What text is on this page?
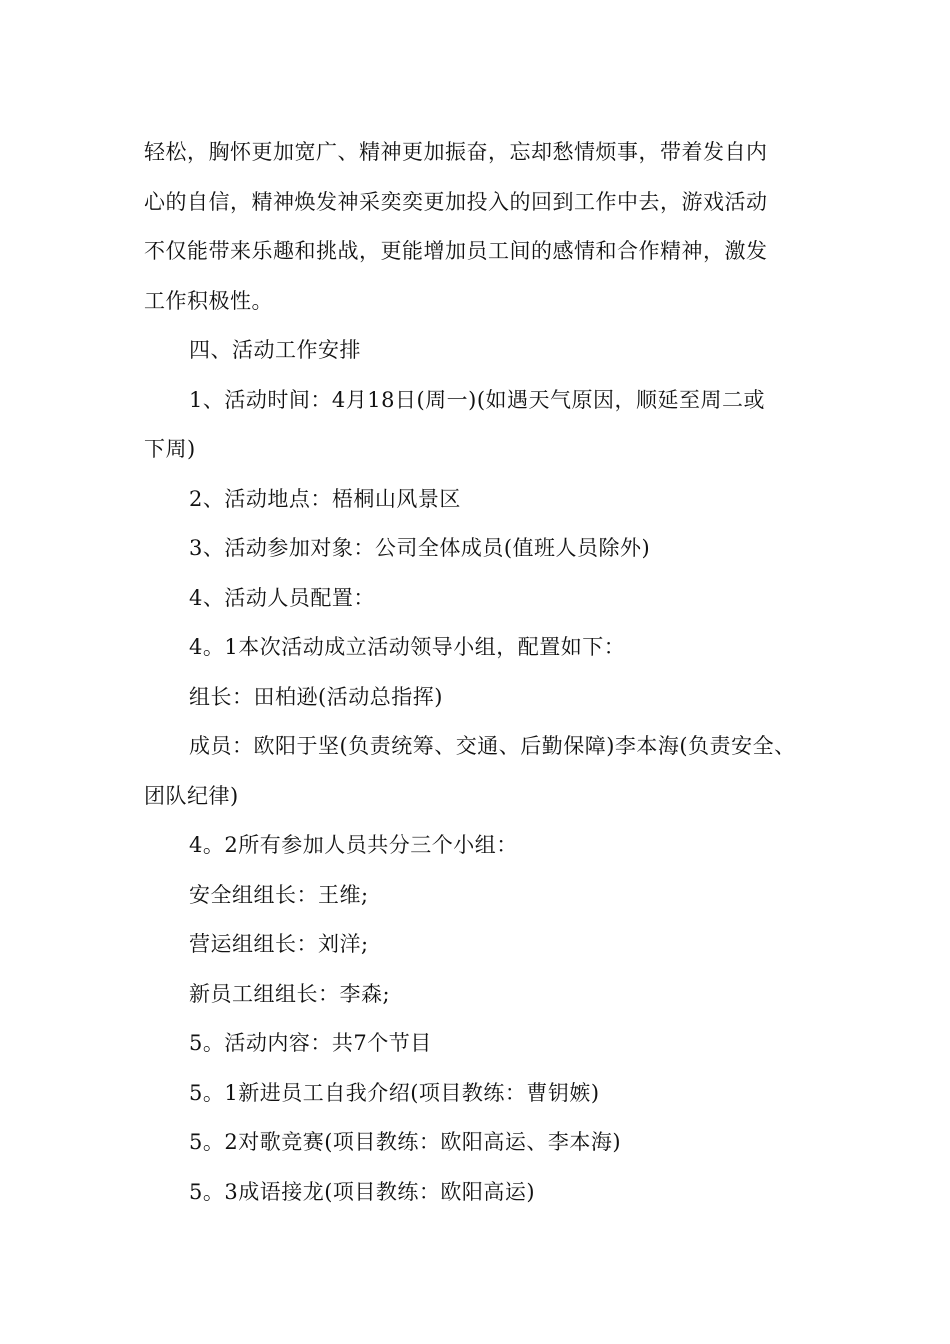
轻松，胸怀更加宽广、精神更加振奋，忘却愁情烦事，带着发自内
心的自信，精神焕发神采奕奕更加投入的回到工作中去，游戏活动
不仅能带来乐趣和挑战，更能增加员工间的感情和合作精神，激发
工作积极性。
四、活动工作安排
1、活动时间：4月18日(周一)(如遇天气原因，顺延至周二或
下周)
2、活动地点：梧桐山风景区
3、活动参加对象：公司全体成员(值班人员除外)
4、活动人员配置：
4。1本次活动成立活动领导小组，配置如下：
组长：田柏逊(活动总指挥)
成员：欧阳于坚(负责统筹、交通、后勤保障)李本海(负责安全、
团队纪律)
4。2所有参加人员共分三个小组：
安全组组长：王维;
营运组组长：刘洋;
新员工组组长：李森;
5。活动内容：共7个节目
5。1新进员工自我介绍(项目教练：曹钥嫉)
5。2对歌竞赛(项目教练：欧阳高运、李本海)
5。3成语接龙(项目教练：欧阳高运)
